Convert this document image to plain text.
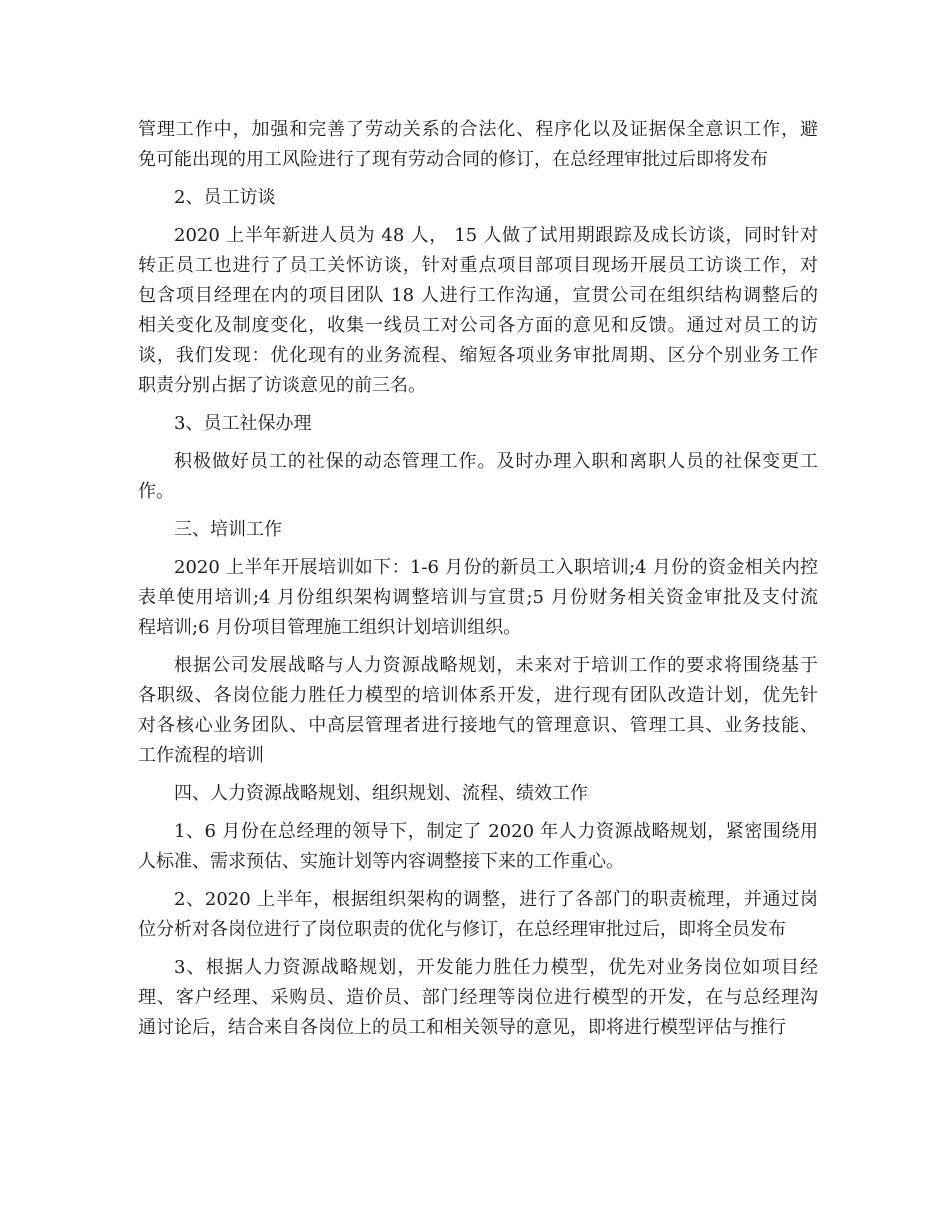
管理工作中，加强和完善了劳动关系的合法化、程序化以及证据保全意识工作，避
免可能出现的用工风险进行了现有劳动合同的修订，在总经理审批过后即将发布
2、员工访谈
2020 上半年新进人员为 48 人， 15 人做了试用期跟踪及成长访谈，同时针对
转正员工也进行了员工关怀访谈，针对重点项目部项目现场开展员工访谈工作，对
包含项目经理在内的项目团队 18 人进行工作沟通，宣贯公司在组织结构调整后的
相关变化及制度变化，收集一线员工对公司各方面的意见和反馈。通过对员工的访
谈，我们发现：优化现有的业务流程、缩短各项业务审批周期、区分个别业务工作
职责分别占据了访谈意见的前三名。
3、员工社保办理
积极做好员工的社保的动态管理工作。及时办理入职和离职人员的社保变更工
作。
三、培训工作
2020 上半年开展培训如下：1-6 月份的新员工入职培训;4 月份的资金相关内控
表单使用培训;4 月份组织架构调整培训与宣贯;5 月份财务相关资金审批及支付流
程培训;6 月份项目管理施工组织计划培训组织。
根据公司发展战略与人力资源战略规划，未来对于培训工作的要求将围绕基于
各职级、各岗位能力胜任力模型的培训体系开发，进行现有团队改造计划，优先针
对各核心业务团队、中高层管理者进行接地气的管理意识、管理工具、业务技能、
工作流程的培训
四、人力资源战略规划、组织规划、流程、绩效工作
1、6 月份在总经理的领导下，制定了 2020 年人力资源战略规划，紧密围绕用
人标准、需求预估、实施计划等内容调整接下来的工作重心。
2、2020 上半年，根据组织架构的调整，进行了各部门的职责梳理，并通过岗
位分析对各岗位进行了岗位职责的优化与修订，在总经理审批过后，即将全员发布
3、根据人力资源战略规划，开发能力胜任力模型，优先对业务岗位如项目经
理、客户经理、采购员、造价员、部门经理等岗位进行模型的开发，在与总经理沟
通讨论后，结合来自各岗位上的员工和相关领导的意见，即将进行模型评估与推行
